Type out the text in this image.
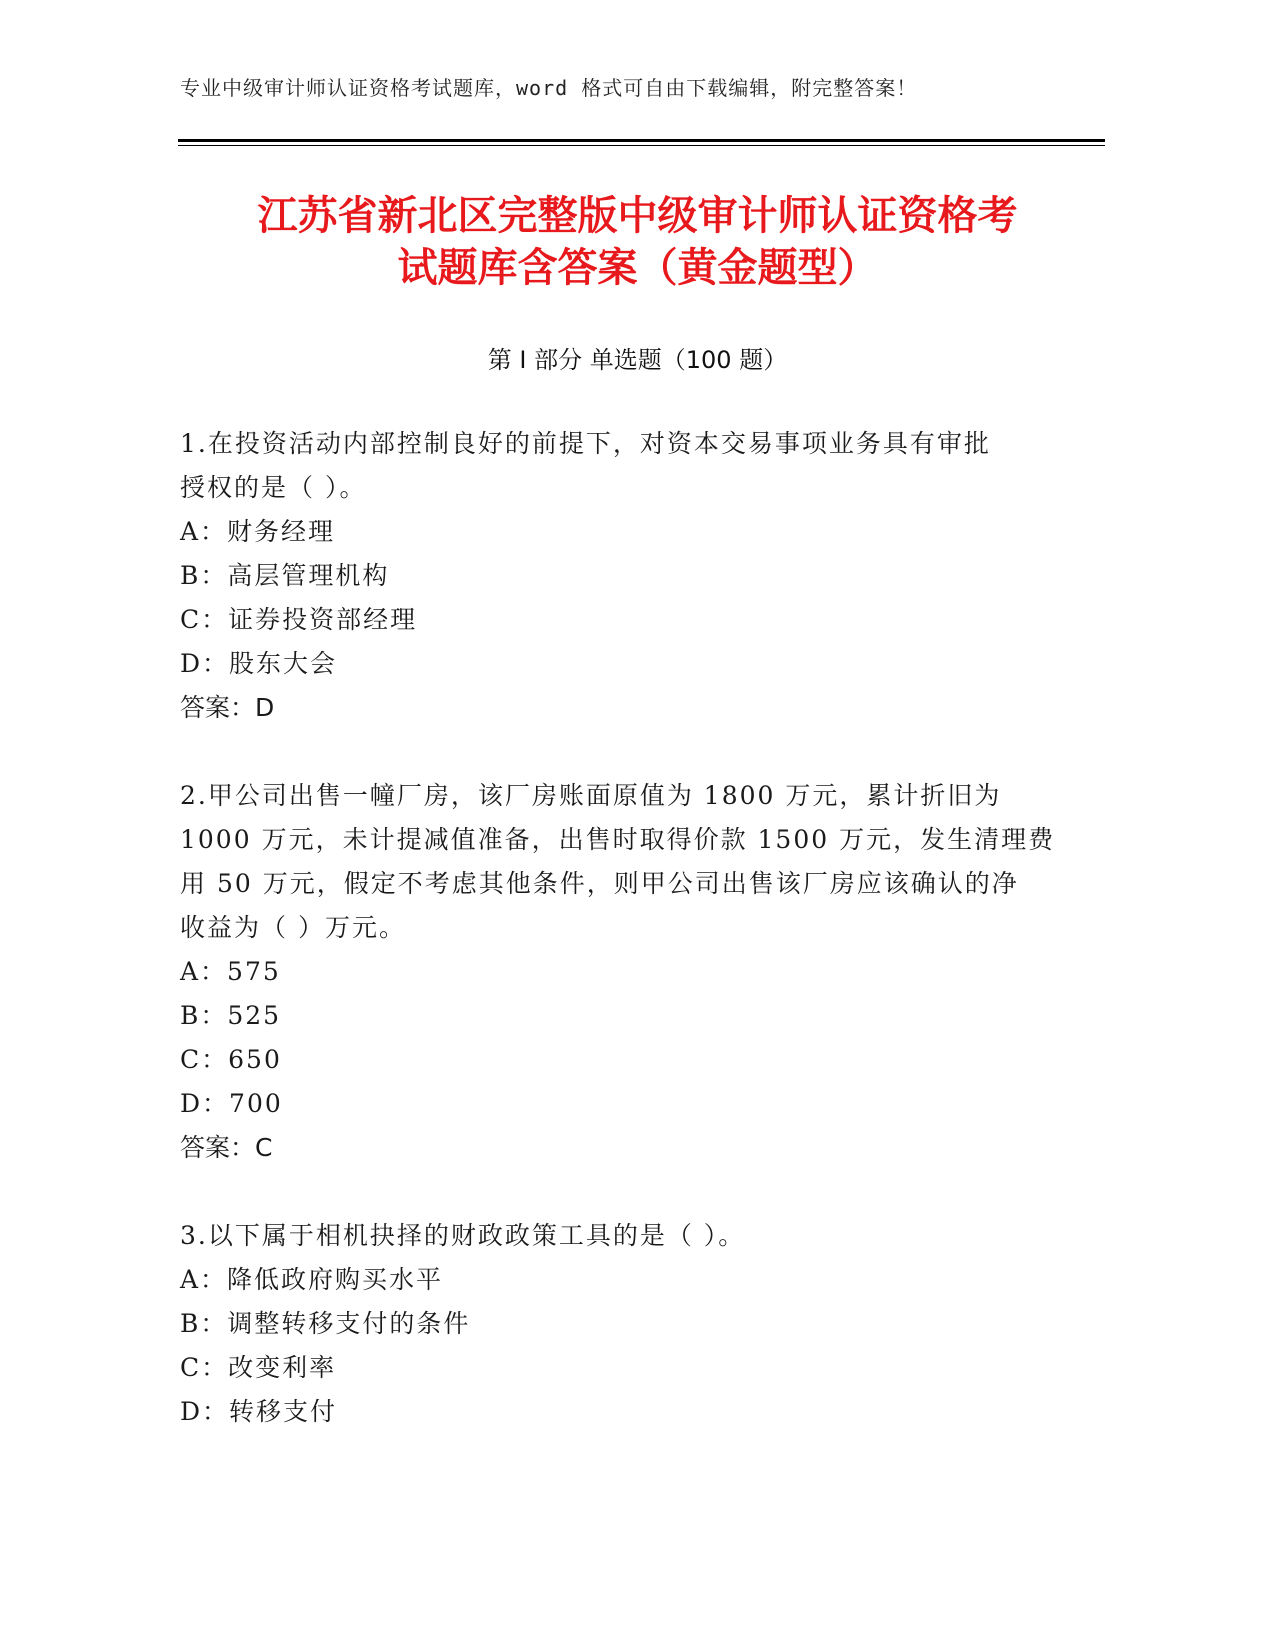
专业中级审计师认证资格考试题库，word 格式可自由下载编辑，附完整答案！
江苏省新北区完整版中级审计师认证资格考
试题库含答案（黄金题型）
第 I 部分 单选题（100 题）
1.在投资活动内部控制良好的前提下，对资本交易事项业务具有审批
授权的是（ ）。
A：财务经理
B：高层管理机构
C：证券投资部经理
D：股东大会
答案：D
2.甲公司出售一幢厂房，该厂房账面原值为 1800 万元，累计折旧为
1000 万元，未计提减值准备，出售时取得价款 1500 万元，发生清理费
用 50 万元，假定不考虑其他条件，则甲公司出售该厂房应该确认的净
收益为（ ）万元。
A：575
B：525
C：650
D：700
答案：C
3.以下属于相机抉择的财政政策工具的是（ ）。
A：降低政府购买水平
B：调整转移支付的条件
C：改变利率
D：转移支付
